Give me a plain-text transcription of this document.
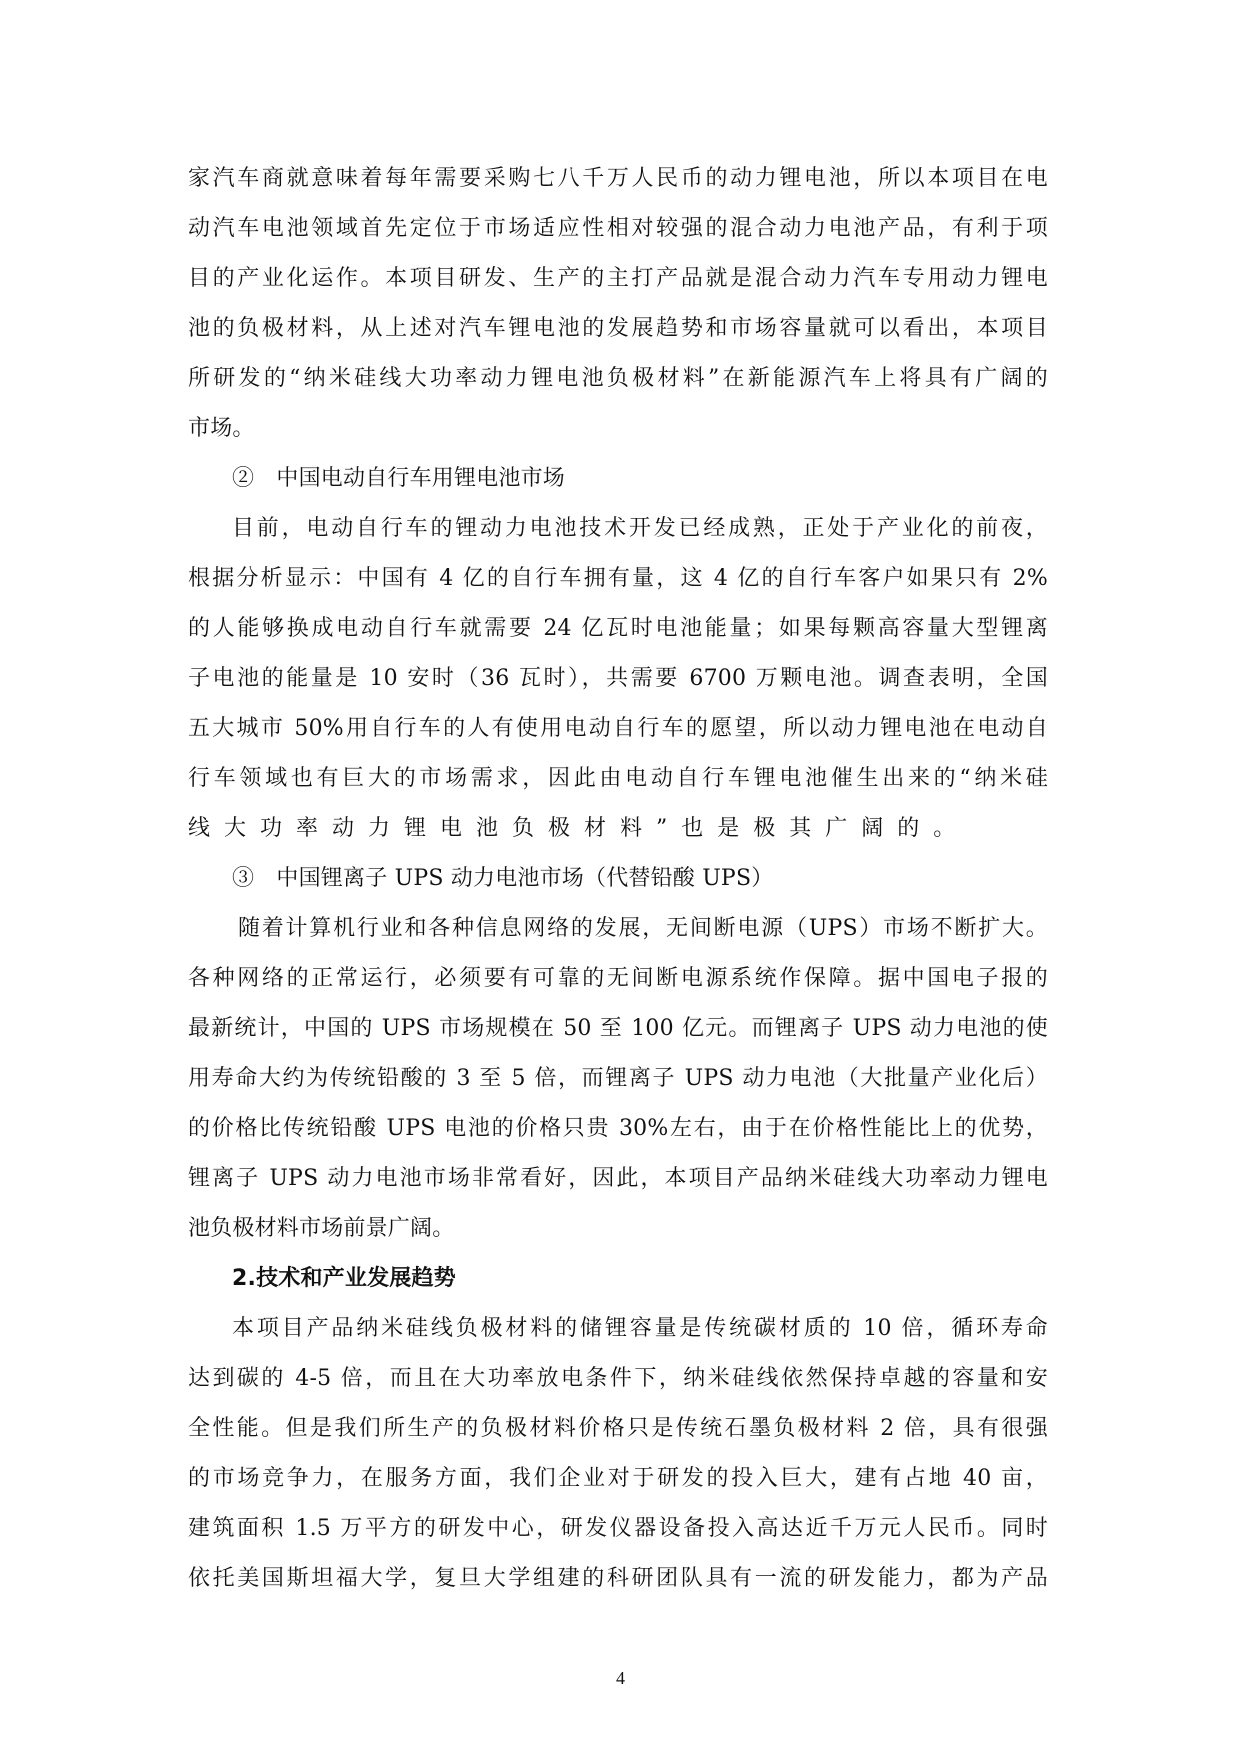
家汽车商就意味着每年需要采购七八千万人民币的动力锂电池，所以本项目在电
动汽车电池领域首先定位于市场适应性相对较强的混合动力电池产品，有利于项
目的产业化运作。本项目研发、生产的主打产品就是混合动力汽车专用动力锂电
池的负极材料，从上述对汽车锂电池的发展趋势和市场容量就可以看出，本项目
所研发的“纳米硅线大功率动力锂电池负极材料”在新能源汽车上将具有广阔的
市场。
②　中国电动自行车用锂电池市场
目前，电动自行车的锂动力电池技术开发已经成熟，正处于产业化的前夜，
根据分析显示：中国有 4 亿的自行车拥有量，这 4 亿的自行车客户如果只有 2%
的人能够换成电动自行车就需要 24 亿瓦时电池能量；如果每颗高容量大型锂离
子电池的能量是 10 安时（36 瓦时），共需要 6700 万颗电池。调查表明，全国
五大城市 50%用自行车的人有使用电动自行车的愿望，所以动力锂电池在电动自
行车领域也有巨大的市场需求，因此由电动自行车锂电池催生出来的“纳米硅
线大功率动力锂电池负极材料”也是极其广阔的。
③　中国锂离子 UPS 动力电池市场（代替铅酸 UPS）
随着计算机行业和各种信息网络的发展，无间断电源（UPS）市场不断扩大。
各种网络的正常运行，必须要有可靠的无间断电源系统作保障。据中国电子报的
最新统计，中国的 UPS 市场规模在 50 至 100 亿元。而锂离子 UPS 动力电池的使
用寿命大约为传统铅酸的 3 至 5 倍，而锂离子 UPS 动力电池（大批量产业化后）
的价格比传统铅酸 UPS 电池的价格只贵 30%左右，由于在价格性能比上的优势，
锂离子 UPS 动力电池市场非常看好，因此，本项目产品纳米硅线大功率动力锂电
池负极材料市场前景广阔。
2.技术和产业发展趋势
本项目产品纳米硅线负极材料的储锂容量是传统碳材质的 10 倍，循环寿命
达到碳的 4-5 倍，而且在大功率放电条件下，纳米硅线依然保持卓越的容量和安
全性能。但是我们所生产的负极材料价格只是传统石墨负极材料 2 倍，具有很强
的市场竞争力，在服务方面，我们企业对于研发的投入巨大，建有占地 40 亩，
建筑面积 1.5 万平方的研发中心，研发仪器设备投入高达近千万元人民币。同时
依托美国斯坦福大学，复旦大学组建的科研团队具有一流的研发能力，都为产品
4
